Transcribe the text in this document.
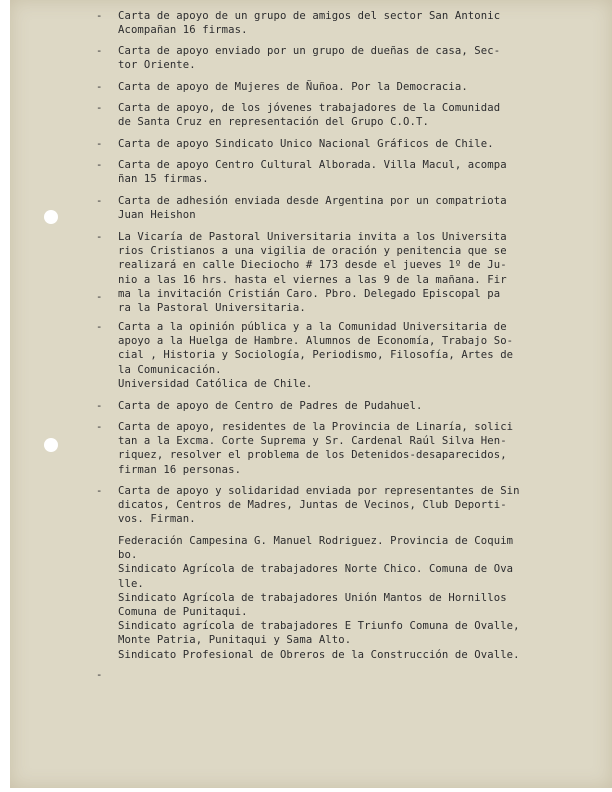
-	Carta de apoyo de un grupo de amigos del sector San Antonic
Acompañan 16 firmas.
-	Carta de apoyo enviado por un grupo de dueñas de casa, Sec-
tor Oriente.
-	Carta de apoyo de Mujeres de Ñuñoa. Por la Democracia.
-	Carta de apoyo, de los jóvenes trabajadores de la Comunidad
de Santa Cruz en representación del Grupo C.O.T.
-	Carta de apoyo Sindicato Unico Nacional Gráficos de Chile.
-	Carta de apoyo Centro Cultural Alborada. Villa Macul, acompa
ñan 15 firmas.
-	Carta de adhesión enviada desde Argentina por un compatriota
Juan Heishon
-	La Vicaría de Pastoral Universitaria invita a los Universita
rios Cristianos a una vigilia de oración y penitencia que se
realizará en calle Dieciocho # 173 desde el jueves 1º de Ju-
nio a las 16 hrs. hasta el viernes a las 9 de la mañana. Fir
ma la invitación Cristián Caro. Pbro. Delegado Episcopal pa
ra la Pastoral Universitaria.
-
-	Carta a la opinión pública y a la Comunidad Universitaria de
apoyo a la Huelga de Hambre. Alumnos de Economía, Trabajo So-
cial , Historia y Sociología, Periodismo, Filosofía, Artes de
la Comunicación.
Universidad Católica de Chile.
-	Carta de apoyo de Centro de Padres de Pudahuel.
-	Carta de apoyo, residentes de la Provincia de Linaría, solici
tan a la Excma. Corte Suprema y Sr. Cardenal Raúl Silva Hen-
riquez, resolver el problema de los Detenidos-desaparecidos,
firman 16 personas.
-	Carta de apoyo y solidaridad enviada por representantes de Sin
dicatos, Centros de Madres, Juntas de Vecinos, Club Deporti-
vos. Firman.
Federación Campesina G. Manuel Rodriguez. Provincia de Coquim
bo.
Sindicato Agrícola de trabajadores Norte Chico. Comuna de Ova
lle.
Sindicato Agrícola de trabajadores Unión Mantos de Hornillos
Comuna de Punitaqui.
Sindicato agrícola de trabajadores E Triunfo Comuna de Ovalle,
Monte Patria, Punitaqui y Sama Alto.
Sindicato Profesional de Obreros de la Construcción de Ovalle.
-
